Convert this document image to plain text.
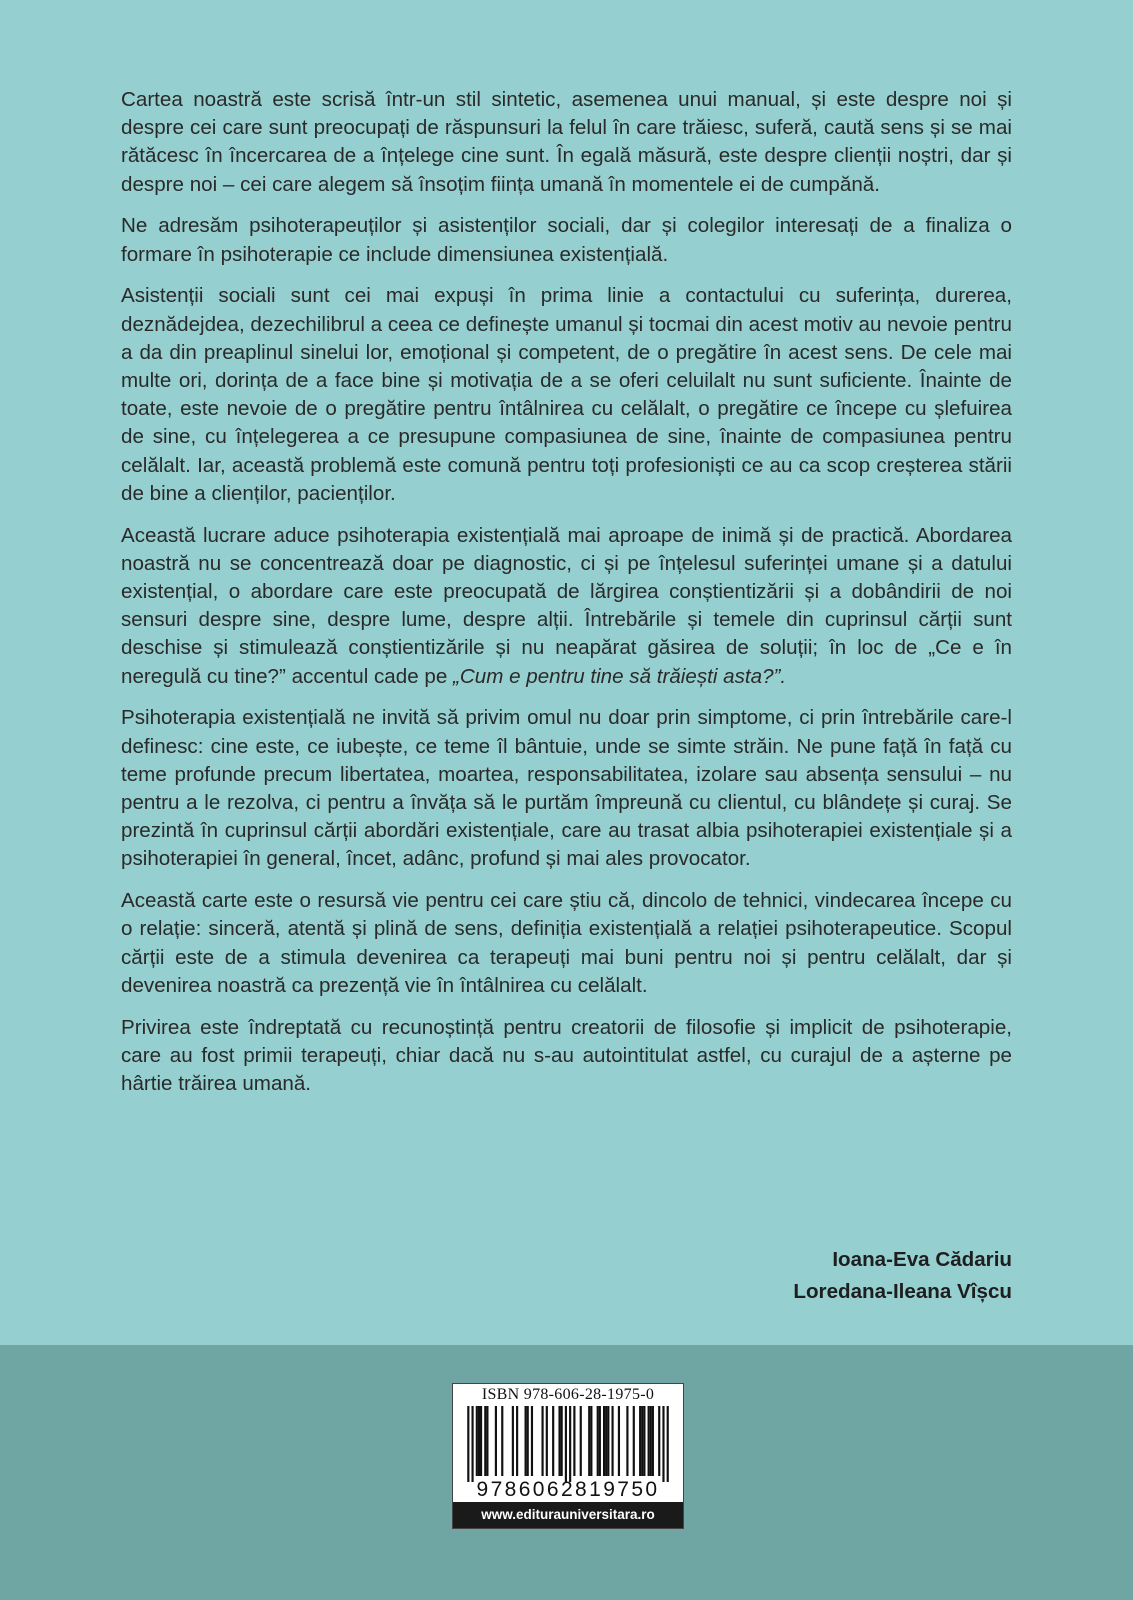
Cartea noastră este scrisă într-un stil sintetic, asemenea unui manual, și este despre noi și despre cei care sunt preocupați de răspunsuri la felul în care trăiesc, suferă, caută sens și se mai rătăcesc în încercarea de a înțelege cine sunt. În egală măsură, este despre clienții noștri, dar și despre noi – cei care alegem să însoțim ființa umană în momentele ei de cumpănă.

Ne adresăm psihoterapeuților și asistenților sociali, dar și colegilor interesați de a finaliza o formare în psihoterapie ce include dimensiunea existențială.

Asistenții sociali sunt cei mai expuși în prima linie a contactului cu suferința, durerea, deznădejdea, dezechilibrul a ceea ce definește umanul și tocmai din acest motiv au nevoie pentru a da din preaplinul sinelui lor, emoțional și competent, de o pregătire în acest sens. De cele mai multe ori, dorința de a face bine și motivația de a se oferi celuilalt nu sunt suficiente. Înainte de toate, este nevoie de o pregătire pentru întâlnirea cu celălalt, o pregătire ce începe cu șlefuirea de sine, cu înțelegerea a ce presupune compasiunea de sine, înainte de compasiunea pentru celălalt. Iar, această problemă este comună pentru toți profesioniști ce au ca scop creșterea stării de bine a clienților, pacienților.

Această lucrare aduce psihoterapia existențială mai aproape de inimă și de practică. Abordarea noastră nu se concentrează doar pe diagnostic, ci și pe înțelesul suferinței umane și a datului existențial, o abordare care este preocupată de lărgirea conștientizării și a dobândirii de noi sensuri despre sine, despre lume, despre alții. Întrebările și temele din cuprinsul cărții sunt deschise și stimulează conștientizările și nu neapărat găsirea de soluții; în loc de „Ce e în neregulă cu tine?” accentul cade pe „Cum e pentru tine să trăiești asta?”.

Psihoterapia existențială ne invită să privim omul nu doar prin simptome, ci prin întrebările care-l definesc: cine este, ce iubește, ce teme îl bântuie, unde se simte străin. Ne pune față în față cu teme profunde precum libertatea, moartea, responsabilitatea, izolare sau absența sensului – nu pentru a le rezolva, ci pentru a învăța să le purtăm împreună cu clientul, cu blândețe și curaj. Se prezintă în cuprinsul cărții abordări existențiale, care au trasat albia psihoterapiei existențiale și a psihoterapiei în general, încet, adânc, profund și mai ales provocator.

Această carte este o resursă vie pentru cei care știu că, dincolo de tehnici, vindecarea începe cu o relație: sinceră, atentă și plină de sens, definiția existențială a relației psihoterapeutice. Scopul cărții este de a stimula devenirea ca terapeuți mai buni pentru noi și pentru celălalt, dar și devenirea noastră ca prezență vie în întâlnirea cu celălalt.

Privirea este îndreptată cu recunoștință pentru creatorii de filosofie și implicit de psihoterapie, care au fost primii terapeuți, chiar dacă nu s-au autointitulat astfel, cu curajul de a așterne pe hârtie trăirea umană.

Ioana-Eva Cădariu
Loredana-Ileana Vîșcu
ISBN 978-606-28-1975-0
9786062819750
www.editurauniversitara.ro
